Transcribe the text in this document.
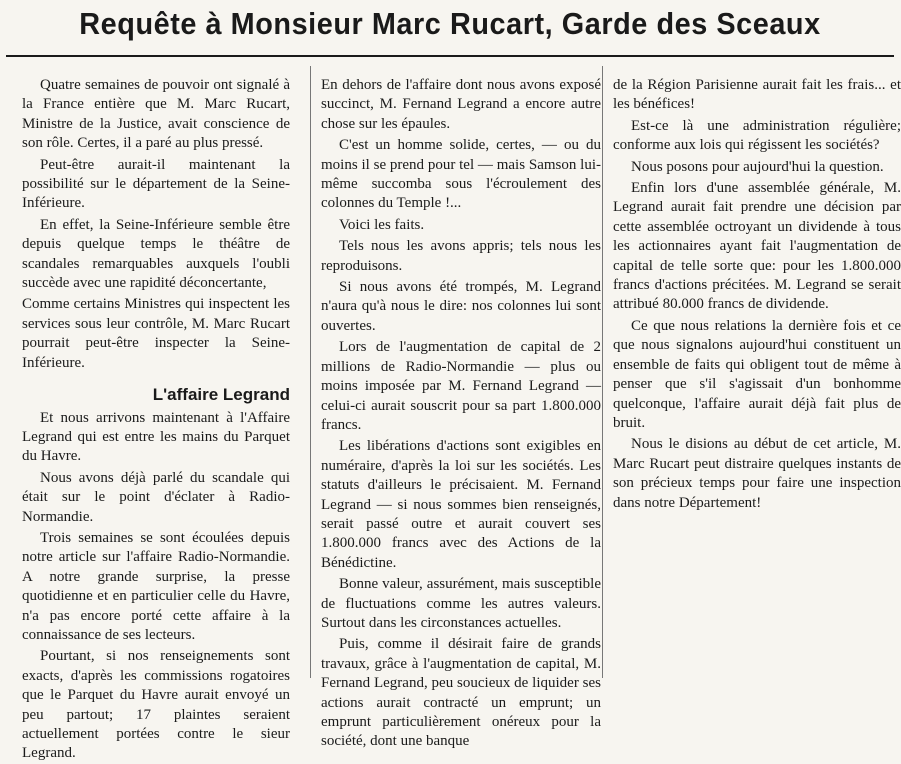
Requête à Monsieur Marc Rucart, Garde des Sceaux

Quatre semaines de pouvoir ont signalé à la France entière que M. Marc Rucart, Ministre de la Justice, avait conscience de son rôle. Certes, il a paré au plus pressé.

Peut-être aurait-il maintenant la possibilité sur le département de la Seine-Inférieure.

En effet, la Seine-Inférieure semble être depuis quelque temps le théâtre de scandales remarquables auxquels l'oubli succède avec une rapidité déconcertante,

Comme certains Ministres qui inspectent les services sous leur contrôle, M. Marc Rucart pourrait peut-être inspecter la Seine-Inférieure.

L'affaire Legrand

Et nous arrivons maintenant à l'Affaire Legrand qui est entre les mains du Parquet du Havre.

Nous avons déjà parlé du scandale qui était sur le point d'éclater à Radio-Normandie.

Trois semaines se sont écoulées depuis notre article sur l'affaire Radio-Normandie. A notre grande surprise, la presse quotidienne et en particulier celle du Havre, n'a pas encore porté cette affaire à la connaissance de ses lecteurs.

Pourtant, si nos renseignements sont exacts, d'après les commissions rogatoires que le Parquet du Havre aurait envoyé un peu partout; 17 plaintes seraient actuellement portées contre le sieur Legrand.

En dehors de l'affaire dont nous avons exposé succinct, M. Fernand Legrand a encore autre chose sur les épaules.

C'est un homme solide, certes, — ou du moins il se prend pour tel — mais Samson lui-même succomba sous l'écroulement des colonnes du Temple !...

Voici les faits.

Tels nous les avons appris; tels nous les reproduisons.

Si nous avons été trompés, M. Legrand n'aura qu'à nous le dire: nos colonnes lui sont ouvertes.

Lors de l'augmentation de capital de 2 millions de Radio-Normandie — plus ou moins imposée par M. Fernand Legrand — celui-ci aurait souscrit pour sa part 1.800.000 francs.

Les libérations d'actions sont exigibles en numéraire, d'après la loi sur les sociétés. Les statuts d'ailleurs le précisaient. M. Fernand Legrand — si nous sommes bien renseignés, serait passé outre et aurait couvert ses 1.800.000 francs avec des Actions de la Bénédictine.

Bonne valeur, assurément, mais susceptible de fluctuations comme les autres valeurs. Surtout dans les circonstances actuelles.

Puis, comme il désirait faire de grands travaux, grâce à l'augmentation de capital, M. Fernand Legrand, peu soucieux de liquider ses actions aurait contracté un emprunt; un emprunt particulièrement onéreux pour la société, dont une banque

de la Région Parisienne aurait fait les frais... et les bénéfices!

Est-ce là une administration régulière; conforme aux lois qui régissent les sociétés?

Nous posons pour aujourd'hui la question.

Enfin lors d'une assemblée générale, M. Legrand aurait fait prendre une décision par cette assemblée octroyant un dividende à tous les actionnaires ayant fait l'augmentation de capital de telle sorte que: pour les 1.800.000 francs d'actions précitées. M. Legrand se serait attribué 80.000 francs de dividende.

Ce que nous relations la dernière fois et ce que nous signalons aujourd'hui constituent un ensemble de faits qui obligent tout de même à penser que s'il s'agissait d'un bonhomme quelconque, l'affaire aurait déjà fait plus de bruit.

Nous le disions au début de cet article, M. Marc Rucart peut distraire quelques instants de son précieux temps pour faire une inspection dans notre Département!
